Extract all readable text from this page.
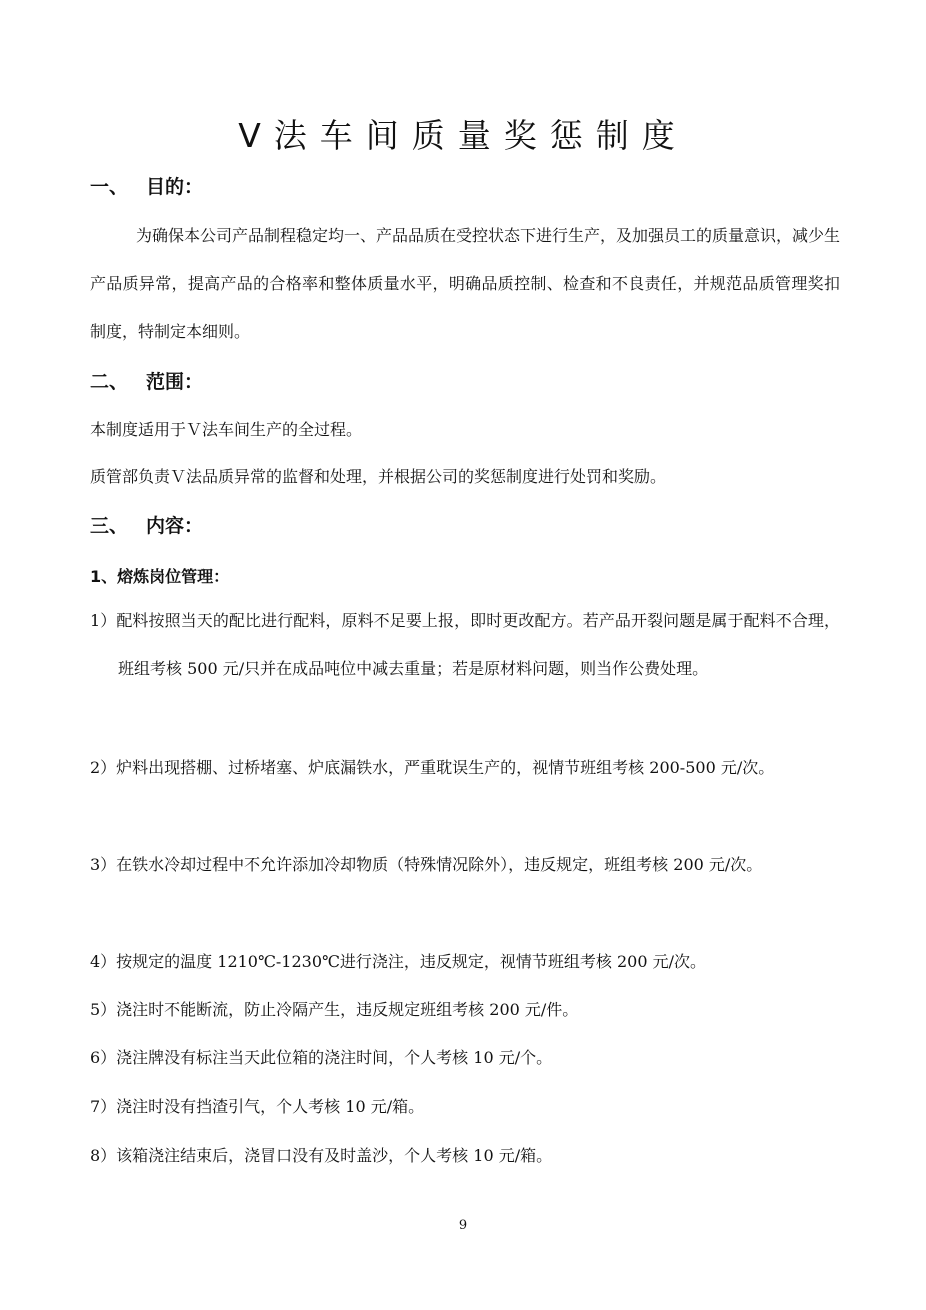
V法车间质量奖惩制度
一、 目的：
为确保本公司产品制程稳定均一、产品品质在受控状态下进行生产，及加强员工的质量意识，减少生产品质异常，提高产品的合格率和整体质量水平，明确品质控制、检查和不良责任，并规范品质管理奖扣制度，特制定本细则。
二、 范围：
本制度适用于Ｖ法车间生产的全过程。
质管部负责Ｖ法品质异常的监督和处理，并根据公司的奖惩制度进行处罚和奖励。
三、 内容：
1、熔炼岗位管理：
1）配料按照当天的配比进行配料，原料不足要上报，即时更改配方。若产品开裂问题是属于配料不合理，班组考核 500 元/只并在成品吨位中减去重量；若是原材料问题，则当作公费处理。
2）炉料出现搭棚、过桥堵塞、炉底漏铁水，严重耽误生产的，视情节班组考核 200-500 元/次。
3）在铁水冷却过程中不允许添加冷却物质（特殊情况除外），违反规定，班组考核 200 元/次。
4）按规定的温度 1210℃-1230℃进行浇注，违反规定，视情节班组考核 200 元/次。
5）浇注时不能断流，防止冷隔产生，违反规定班组考核 200 元/件。
6）浇注牌没有标注当天此位箱的浇注时间，个人考核 10 元/个。
7）浇注时没有挡渣引气，个人考核 10 元/箱。
8）该箱浇注结束后，浇冒口没有及时盖沙，个人考核 10 元/箱。
9
